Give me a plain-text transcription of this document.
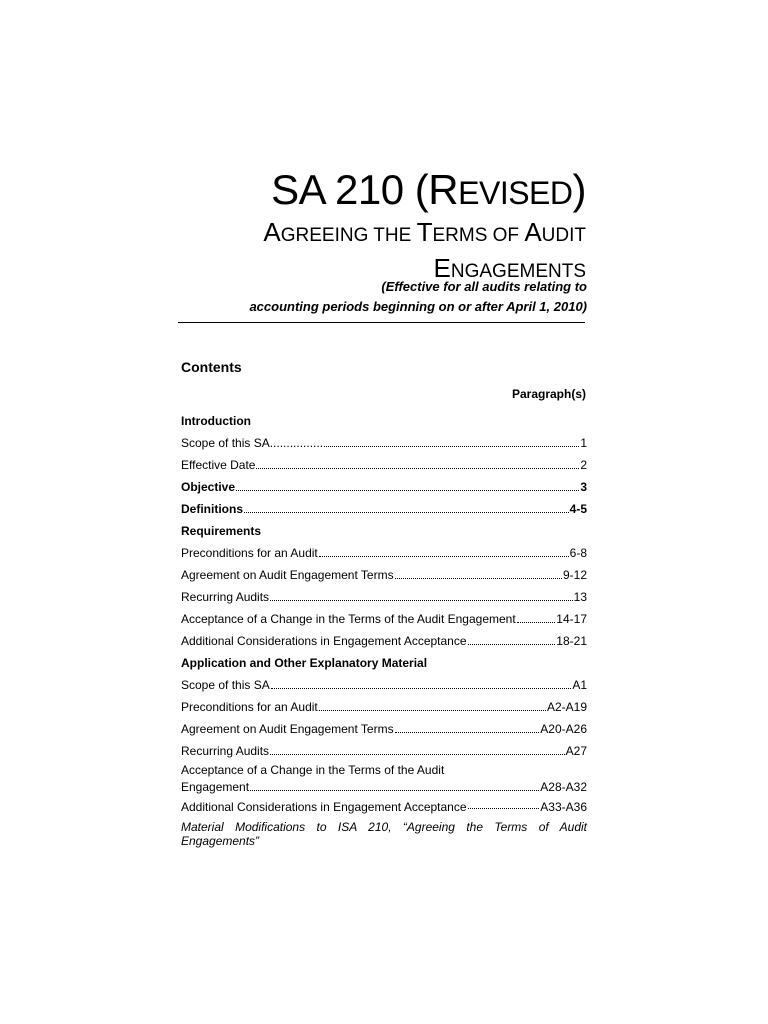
SA 210 (REVISED)
AGREEING THE TERMS OF AUDIT
ENGAGEMENTS
(Effective for all audits relating to
accounting periods beginning on or after April 1, 2010)
Contents
Paragraph(s)
Introduction
Scope of this SA................	1
Effective Date	2
Objective	3
Definitions	4-5
Requirements
Preconditions for an Audit	6-8
Agreement on Audit Engagement Terms	9-12
Recurring Audits	13
Acceptance of a Change in the Terms of the Audit Engagement	14-17
Additional Considerations in Engagement Acceptance	18-21
Application and Other Explanatory Material
Scope of this SA	A1
Preconditions for an Audit	A2-A19
Agreement on Audit Engagement Terms	A20-A26
Recurring Audits	A27
Acceptance of a Change in the Terms of the Audit
Engagement	A28-A32
Additional Considerations in Engagement Acceptance	A33-A36
Material Modifications to ISA 210, “Agreeing the Terms of Audit Engagements”
